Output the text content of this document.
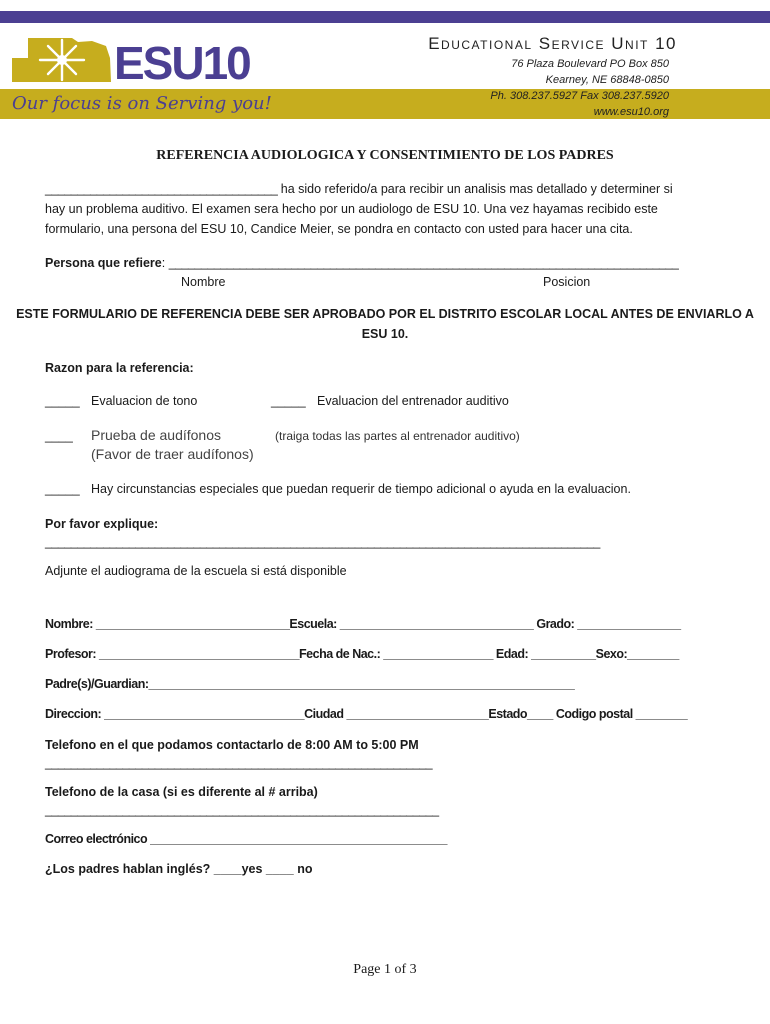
ESU10
Our focus is on Serving you!
Educational Service Unit 10
76 Plaza Boulevard PO Box 850
Kearney, NE 68848-0850
Ph. 308.237.5927 Fax 308.237.5920
www.esu10.org
REFERENCIA AUDIOLOGICA Y CONSENTIMIENTO DE LOS PADRES
____________________________________ ha sido referido/a para recibir un analisis mas detallado y determiner si
hay un problema auditivo. El examen sera hecho por un audiologo de ESU 10. Una vez hayamas recibido este
formulario, una persona del ESU 10, Candice Meier, se pondra en contacto con usted para hacer una cita.
Persona que refiere: _______________________________________________________________________________
Nombre	Posicion
ESTE FORMULARIO DE REFERENCIA DEBE SER APROBADO POR EL DISTRITO ESCOLAR LOCAL ANTES DE ENVIARLO A
ESU 10.
Razon para la referencia:
_____ Evaluacion de tono	_____ Evaluacion del entrenador auditivo
____ Prueba de audífonos
(Favor de traer audífonos)
(traiga todas las partes al entrenador auditivo)
_____ Hay circunstancias especiales que puedan requerir de tiempo adicional o ayuda en la evaluacion.
Por favor explique:
______________________________________________________________________________________
Adjunte el audiograma de la escuela si está disponible
Nombre: ______________________________Escuela: ______________________________ Grado: ________________
Profesor: _______________________________Fecha de Nac.: _________________ Edad: __________Sexo:________
Padre(s)/Guardian:__________________________________________________________________
Direccion: _______________________________Ciudad ______________________Estado____ Codigo postal ________
Telefono en el que podamos contactarlo de 8:00 AM to 5:00 PM
____________________________________________________________
Telefono de la casa (si es diferente al # arriba)
_____________________________________________________________
Correo electrónico ______________________________________________
¿Los padres hablan inglés? ____yes ____ no
Page 1 of 3
